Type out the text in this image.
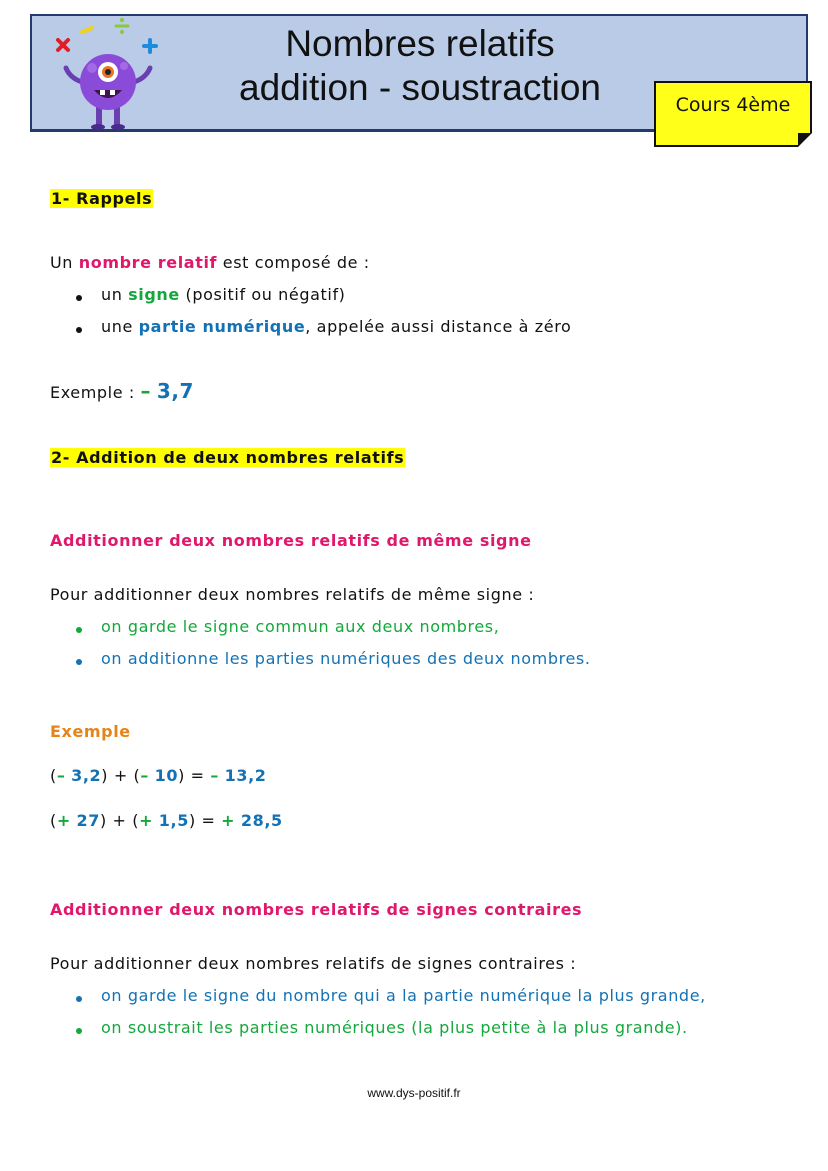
Nombres relatifs
addition - soustraction	Cours 4ème
1- Rappels
Un nombre relatif est composé de :
un signe (positif ou négatif)
une partie numérique, appelée aussi distance à zéro
Exemple : – 3,7
2- Addition de deux nombres relatifs
Additionner deux nombres relatifs de même signe
Pour additionner deux nombres relatifs de même signe :
on garde le signe commun aux deux nombres,
on additionne les parties numériques des deux nombres.
Exemple
(– 3,2) + (– 10) = – 13,2
(+ 27) + (+ 1,5) = + 28,5
Additionner deux nombres relatifs de signes contraires
Pour additionner deux nombres relatifs de signes contraires :
on garde le signe du nombre qui a la partie numérique la plus grande,
on soustrait les parties numériques (la plus petite à la plus grande).
www.dys-positif.fr
